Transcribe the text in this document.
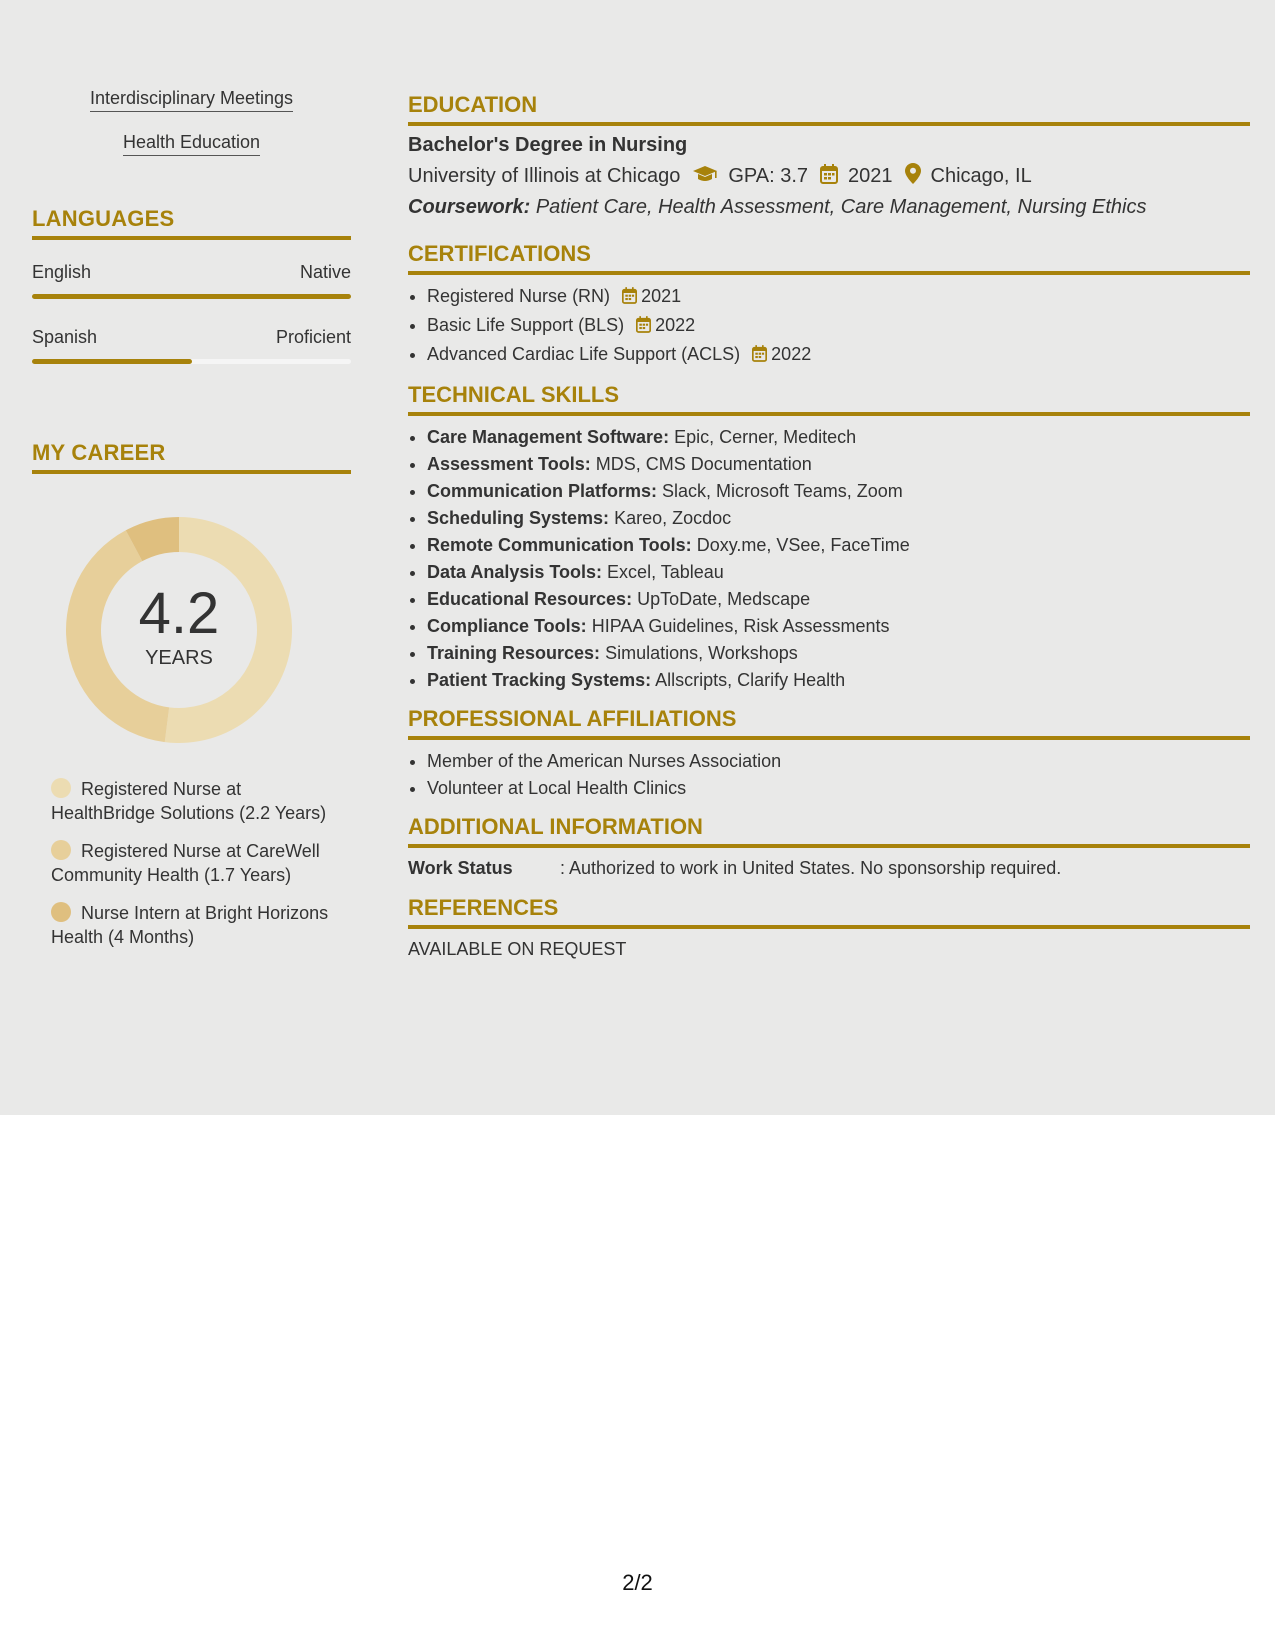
Interdisciplinary Meetings
Health Education
LANGUAGES
English	Native
Spanish	Proficient
MY CAREER
4.2
YEARS
Registered Nurse at HealthBridge Solutions (2.2 Years)
Registered Nurse at CareWell Community Health (1.7 Years)
Nurse Intern at Bright Horizons Health (4 Months)
EDUCATION
Bachelor's Degree in Nursing
University of Illinois at Chicago GPA: 3.7 2021 Chicago, IL
Coursework: Patient Care, Health Assessment, Care Management, Nursing Ethics
CERTIFICATIONS
• Registered Nurse (RN) 2021
• Basic Life Support (BLS) 2022
• Advanced Cardiac Life Support (ACLS) 2022
TECHNICAL SKILLS
• Care Management Software: Epic, Cerner, Meditech
• Assessment Tools: MDS, CMS Documentation
• Communication Platforms: Slack, Microsoft Teams, Zoom
• Scheduling Systems: Kareo, Zocdoc
• Remote Communication Tools: Doxy.me, VSee, FaceTime
• Data Analysis Tools: Excel, Tableau
• Educational Resources: UpToDate, Medscape
• Compliance Tools: HIPAA Guidelines, Risk Assessments
• Training Resources: Simulations, Workshops
• Patient Tracking Systems: Allscripts, Clarify Health
PROFESSIONAL AFFILIATIONS
• Member of the American Nurses Association
• Volunteer at Local Health Clinics
ADDITIONAL INFORMATION
Work Status	: Authorized to work in United States. No sponsorship required.
REFERENCES
AVAILABLE ON REQUEST
2/2
